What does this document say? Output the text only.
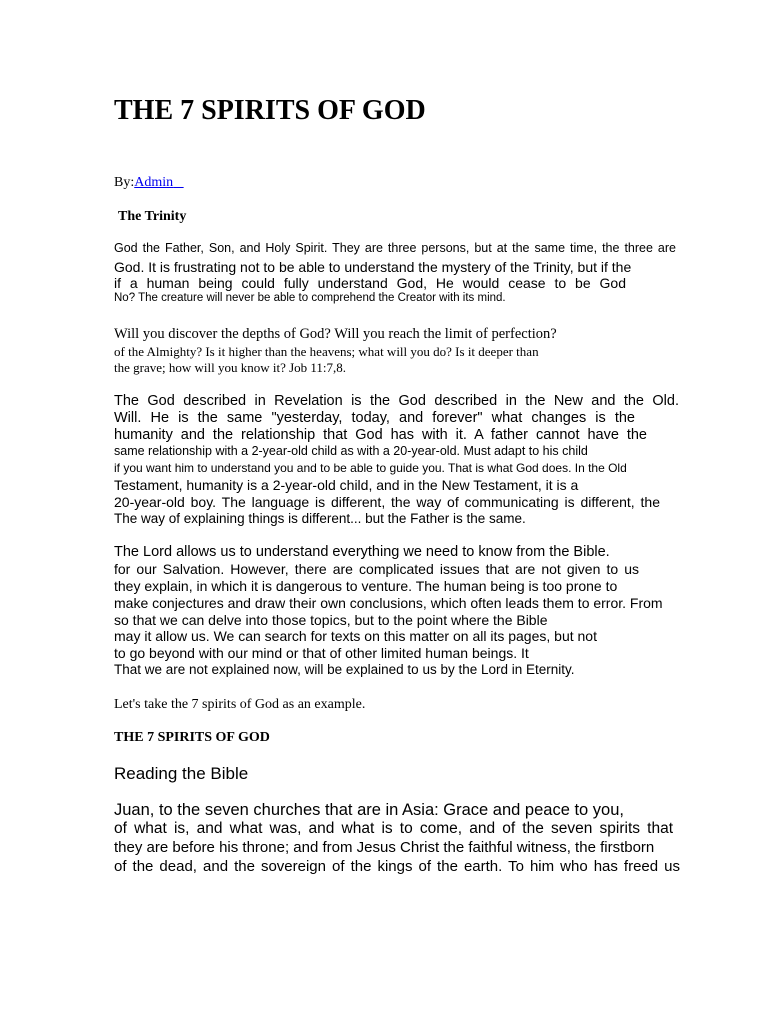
THE 7 SPIRITS OF GOD
By:Admin
The Trinity
God the Father, Son, and Holy Spirit. They are three persons, but at the same time, the three are
God. It is frustrating not to be able to understand the mystery of the Trinity, but if the
if a human being could fully understand God, He would cease to be God
No? The creature will never be able to comprehend the Creator with its mind.
Will you discover the depths of God? Will you reach the limit of perfection?
of the Almighty? Is it higher than the heavens; what will you do? Is it deeper than
the grave; how will you know it? Job 11:7,8.
The God described in Revelation is the God described in the New and the Old.
Will. He is the same "yesterday, today, and forever" what changes is the
humanity and the relationship that God has with it. A father cannot have the
same relationship with a 2-year-old child as with a 20-year-old. Must adapt to his child
if you want him to understand you and to be able to guide you. That is what God does. In the Old
Testament, humanity is a 2-year-old child, and in the New Testament, it is a
20-year-old boy. The language is different, the way of communicating is different, the
The way of explaining things is different... but the Father is the same.
The Lord allows us to understand everything we need to know from the Bible.
for our Salvation. However, there are complicated issues that are not given to us
they explain, in which it is dangerous to venture. The human being is too prone to
make conjectures and draw their own conclusions, which often leads them to error. From
so that we can delve into those topics, but to the point where the Bible
may it allow us. We can search for texts on this matter on all its pages, but not
to go beyond with our mind or that of other limited human beings. It
That we are not explained now, will be explained to us by the Lord in Eternity.
Let's take the 7 spirits of God as an example.
THE 7 SPIRITS OF GOD
Reading the Bible
Juan, to the seven churches that are in Asia: Grace and peace to you,
of what is, and what was, and what is to come, and of the seven spirits that
they are before his throne; and from Jesus Christ the faithful witness, the firstborn
of the dead, and the sovereign of the kings of the earth. To him who has freed us
